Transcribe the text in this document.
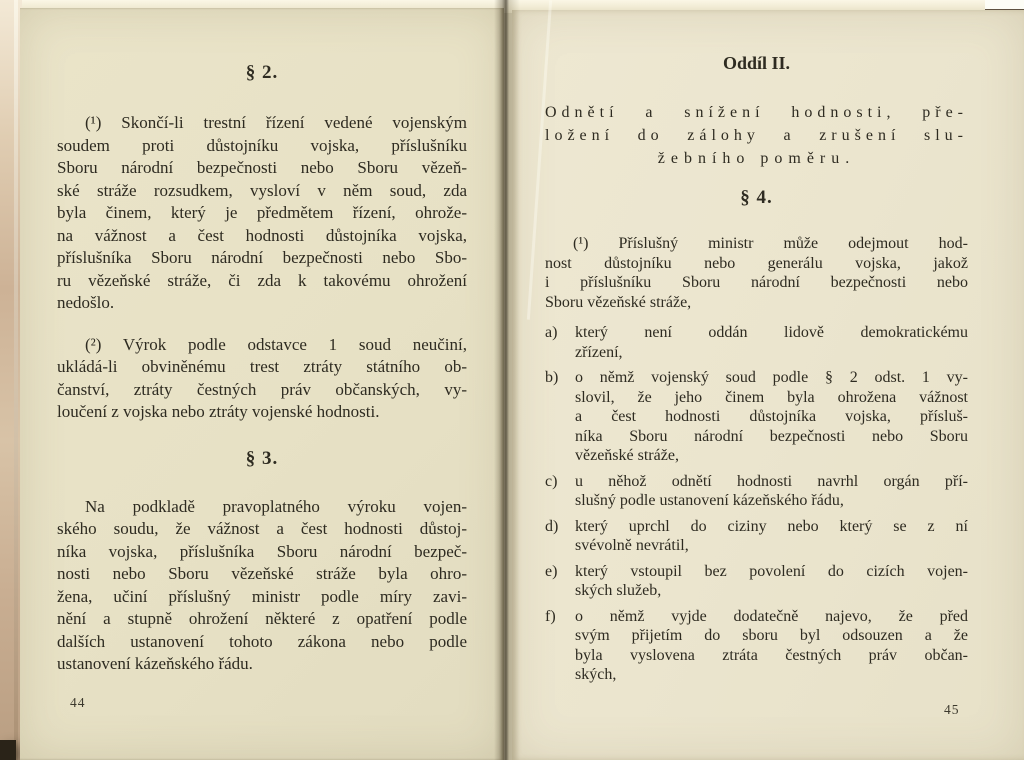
§ 2.
(¹) Skončí-li trestní řízení vedené vojenským
soudem proti důstojníku vojska, příslušníku
Sboru národní bezpečnosti nebo Sboru vězeň-
ské stráže rozsudkem, vysloví v něm soud, zda
byla činem, který je předmětem řízení, ohrože-
na vážnost a čest hodnosti důstojníka vojska,
příslušníka Sboru národní bezpečnosti nebo Sbo-
ru vězeňské stráže, či zda k takovému ohrožení
nedošlo.
(²) Výrok podle odstavce 1 soud neučiní,
ukládá-li obviněnému trest ztráty státního ob-
čanství, ztráty čestných práv občanských, vy-
loučení z vojska nebo ztráty vojenské hodnosti.
§ 3.
Na podkladě pravoplatného výroku vojen-
ského soudu, že vážnost a čest hodnosti důstoj-
níka vojska, příslušníka Sboru národní bezpeč-
nosti nebo Sboru vězeňské stráže byla ohro-
žena, učiní příslušný ministr podle míry zavi-
nění a stupně ohrožení některé z opatření podle
dalších ustanovení tohoto zákona nebo podle
ustanovení kázeňského řádu.
44
Oddíl II.
Odnětí a snížení hodnosti, pře-
ložení do zálohy a zrušení slu-
žebního poměru.
§ 4.
(¹) Příslušný ministr může odejmout hod-
nost důstojníku nebo generálu vojska, jakož
i příslušníku Sboru národní bezpečnosti nebo
Sboru vězeňské stráže,
a)	který není oddán lidově demokratickému
zřízení,
b)	o němž vojenský soud podle § 2 odst. 1 vy-
slovil, že jeho činem byla ohrožena vážnost
a čest hodnosti důstojníka vojska, přísluš-
níka Sboru národní bezpečnosti nebo Sboru
vězeňské stráže,
c)	u něhož odnětí hodnosti navrhl orgán pří-
slušný podle ustanovení kázeňského řádu,
d)	který uprchl do ciziny nebo který se z ní
svévolně nevrátil,
e)	který vstoupil bez povolení do cizích vojen-
ských služeb,
f)	o němž vyjde dodatečně najevo, že před
svým přijetím do sboru byl odsouzen a že
byla vyslovena ztráta čestných práv občan-
ských,
45
